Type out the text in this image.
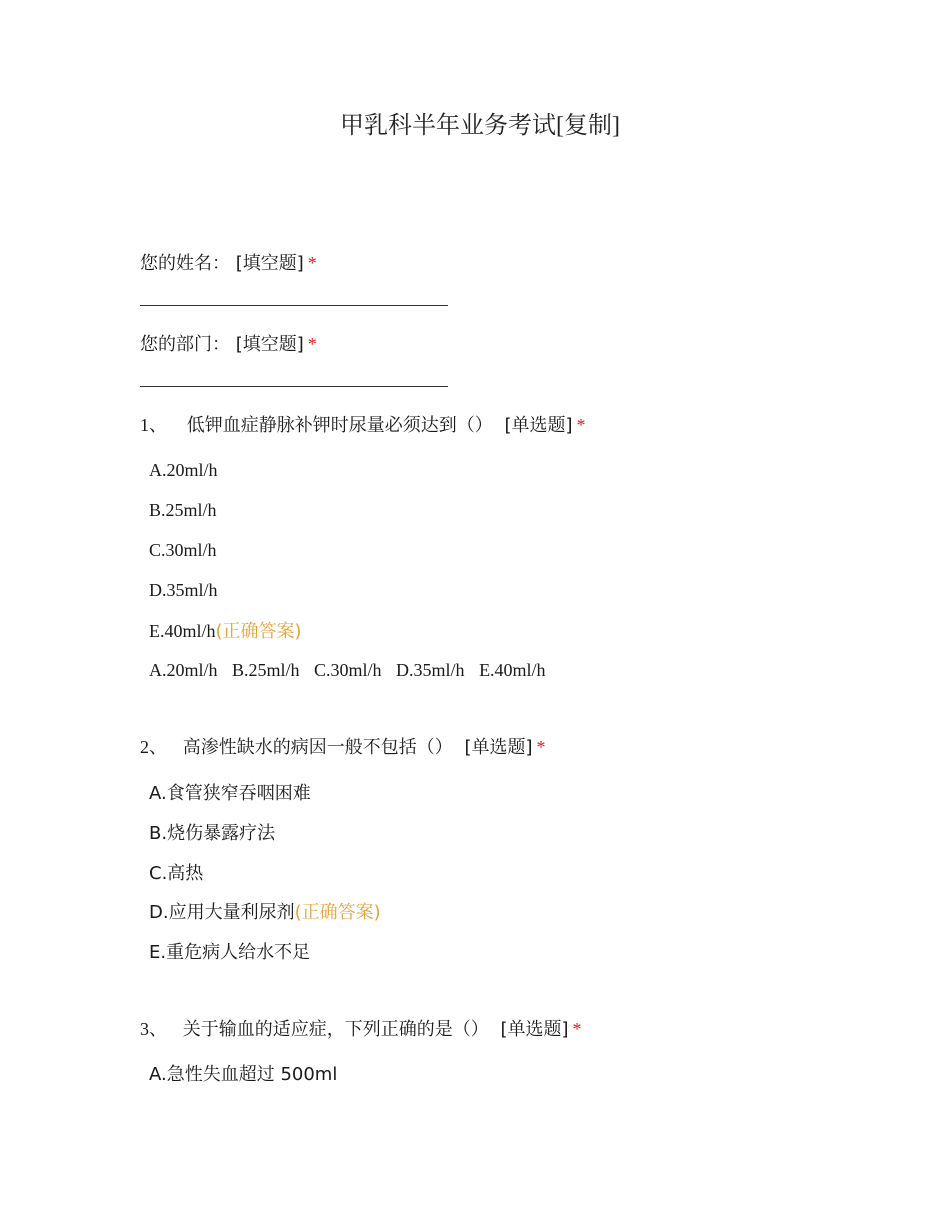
甲乳科半年业务考试[复制]
您的姓名： [填空题] *
您的部门： [填空题] *
1、 低钾血症静脉补钾时尿量必须达到（） [单选题] *
A.20ml/h
B.25ml/h
C.30ml/h
D.35ml/h
E.40ml/h(正确答案)
A.20ml/h B.25ml/h C.30ml/h D.35ml/h E.40ml/h
2、 高渗性缺水的病因一般不包括（） [单选题] *
A.食管狭窄吞咽困难
B.烧伤暴露疗法
C.高热
D.应用大量利尿剂(正确答案)
E.重危病人给水不足
3、 关于输血的适应症，下列正确的是（） [单选题] *
A.急性失血超过 500ml
